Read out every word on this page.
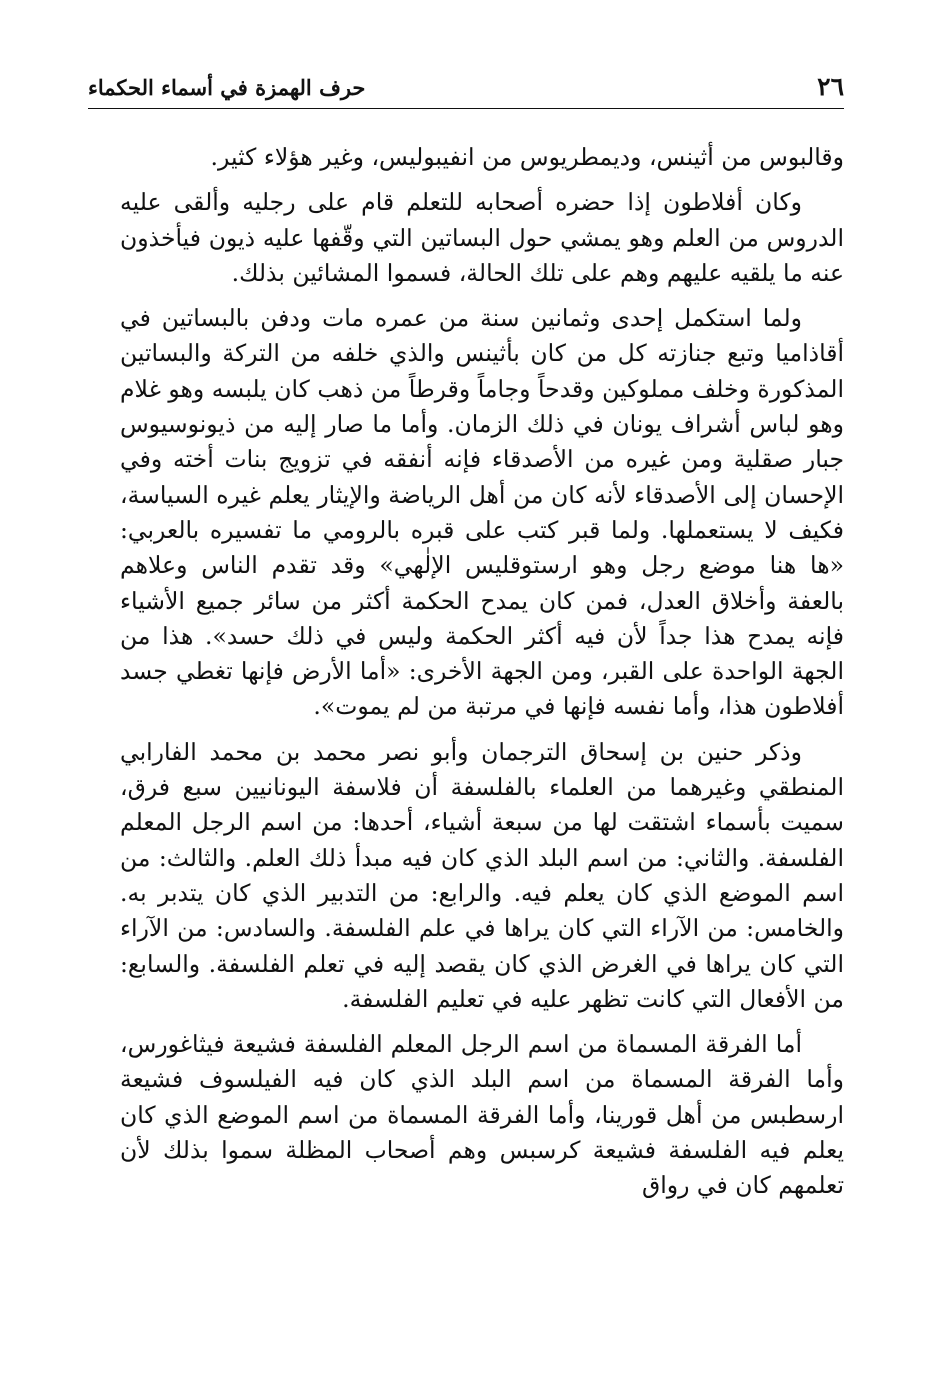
٢٦
حرف الهمزة في أسماء الحكماء

وقالبوس من أثينس، وديمطريوس من انفيبوليس، وغير هؤلاء كثير.

وكان أفلاطون إذا حضره أصحابه للتعلم قام على رجليه وألقى عليه الدروس من العلم وهو يمشي حول البساتين التي وقّفها عليه ذيون فيأخذون عنه ما يلقيه عليهم وهم على تلك الحالة، فسموا المشائين بذلك.

ولما استكمل إحدى وثمانين سنة من عمره مات ودفن بالبساتين في أقاذاميا وتبع جنازته كل من كان بأثينس والذي خلفه من التركة والبساتين المذكورة وخلف مملوكين وقدحاً وجاماً وقرطاً من ذهب كان يلبسه وهو غلام وهو لباس أشراف يونان في ذلك الزمان. وأما ما صار إليه من ذيونوسيوس جبار صقلية ومن غيره من الأصدقاء فإنه أنفقه في تزويج بنات أخته وفي الإحسان إلى الأصدقاء لأنه كان من أهل الرياضة والإيثار يعلم غيره السياسة، فكيف لا يستعملها. ولما قبر كتب على قبره بالرومي ما تفسيره بالعربي: «ها هنا موضع رجل وهو ارستوقليس الإلٰهي» وقد تقدم الناس وعلاهم بالعفة وأخلاق العدل، فمن كان يمدح الحكمة أكثر من سائر جميع الأشياء فإنه يمدح هذا جداً لأن فيه أكثر الحكمة وليس في ذلك حسد». هذا من الجهة الواحدة على القبر، ومن الجهة الأخرى: «أما الأرض فإنها تغطي جسد أفلاطون هذا، وأما نفسه فإنها في مرتبة من لم يموت».

وذكر حنين بن إسحاق الترجمان وأبو نصر محمد بن محمد الفارابي المنطقي وغيرهما من العلماء بالفلسفة أن فلاسفة اليونانيين سبع فرق، سميت بأسماء اشتقت لها من سبعة أشياء، أحدها: من اسم الرجل المعلم الفلسفة. والثاني: من اسم البلد الذي كان فيه مبدأ ذلك العلم. والثالث: من اسم الموضع الذي كان يعلم فيه. والرابع: من التدبير الذي كان يتدبر به. والخامس: من الآراء التي كان يراها في علم الفلسفة. والسادس: من الآراء التي كان يراها في الغرض الذي كان يقصد إليه في تعلم الفلسفة. والسابع: من الأفعال التي كانت تظهر عليه في تعليم الفلسفة.

أما الفرقة المسماة من اسم الرجل المعلم الفلسفة فشيعة فيثاغورس، وأما الفرقة المسماة من اسم البلد الذي كان فيه الفيلسوف فشيعة ارسطبس من أهل قورينا، وأما الفرقة المسماة من اسم الموضع الذي كان يعلم فيه الفلسفة فشيعة كرسبس وهم أصحاب المظلة سموا بذلك لأن تعلمهم كان في رواق
